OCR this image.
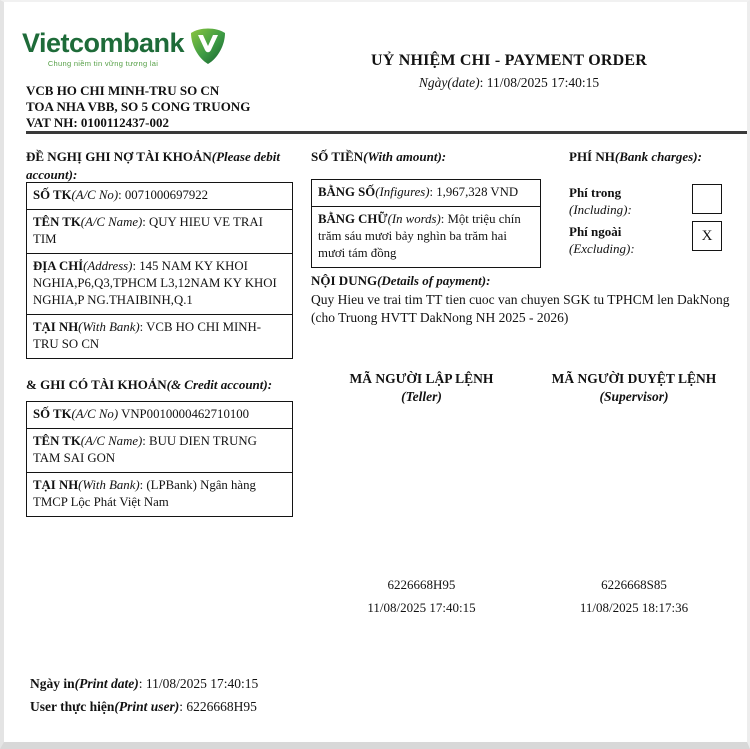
Vietcombank
Chung niềm tin vững tương lai
VCB HO CHI MINH-TRU SO CN
TOA NHA VBB, SO 5 CONG TRUONG
VAT NH: 0100112437-002
UỶ NHIỆM CHI - PAYMENT ORDER
Ngày(date): 11/08/2025 17:40:15
ĐỀ NGHỊ GHI NỢ TÀI KHOẢN(Please debit account):
SỐ TK(A/C No): 0071000697922
TÊN TK(A/C Name): QUY HIEU VE TRAI TIM
ĐỊA CHỈ(Address): 145 NAM KY KHOI NGHIA,P6,Q3,TPHCM L3,12NAM KY KHOI NGHIA,P NG.THAIBINH,Q.1
TẠI NH(With Bank): VCB HO CHI MINH-TRU SO CN
SỐ TIỀN(With amount):
BẰNG SỐ(Infigures): 1,967,328 VND
BẰNG CHỮ(In words): Một triệu chín trăm sáu mươi bảy nghìn ba trăm hai mươi tám đồng
PHÍ NH(Bank charges):
Phí trong
(Including):
Phí ngoài
(Excluding):
X
NỘI DUNG(Details of payment):
Quy Hieu ve trai tim TT tien cuoc van chuyen SGK tu TPHCM len DakNong (cho Truong HVTT DakNong NH 2025 - 2026)
& GHI CÓ TÀI KHOẢN(& Credit account):
SỐ TK(A/C No) VNP0010000462710100
TÊN TK(A/C Name): BUU DIEN TRUNG TAM SAI GON
TẠI NH(With Bank): (LPBank) Ngân hàng TMCP Lộc Phát Việt Nam
MÃ NGƯỜI LẬP LỆNH
(Teller)
MÃ NGƯỜI DUYỆT LỆNH
(Supervisor)
6226668H95
11/08/2025 17:40:15
6226668S85
11/08/2025 18:17:36
Ngày in(Print date): 11/08/2025 17:40:15
User thực hiện(Print user): 6226668H95
